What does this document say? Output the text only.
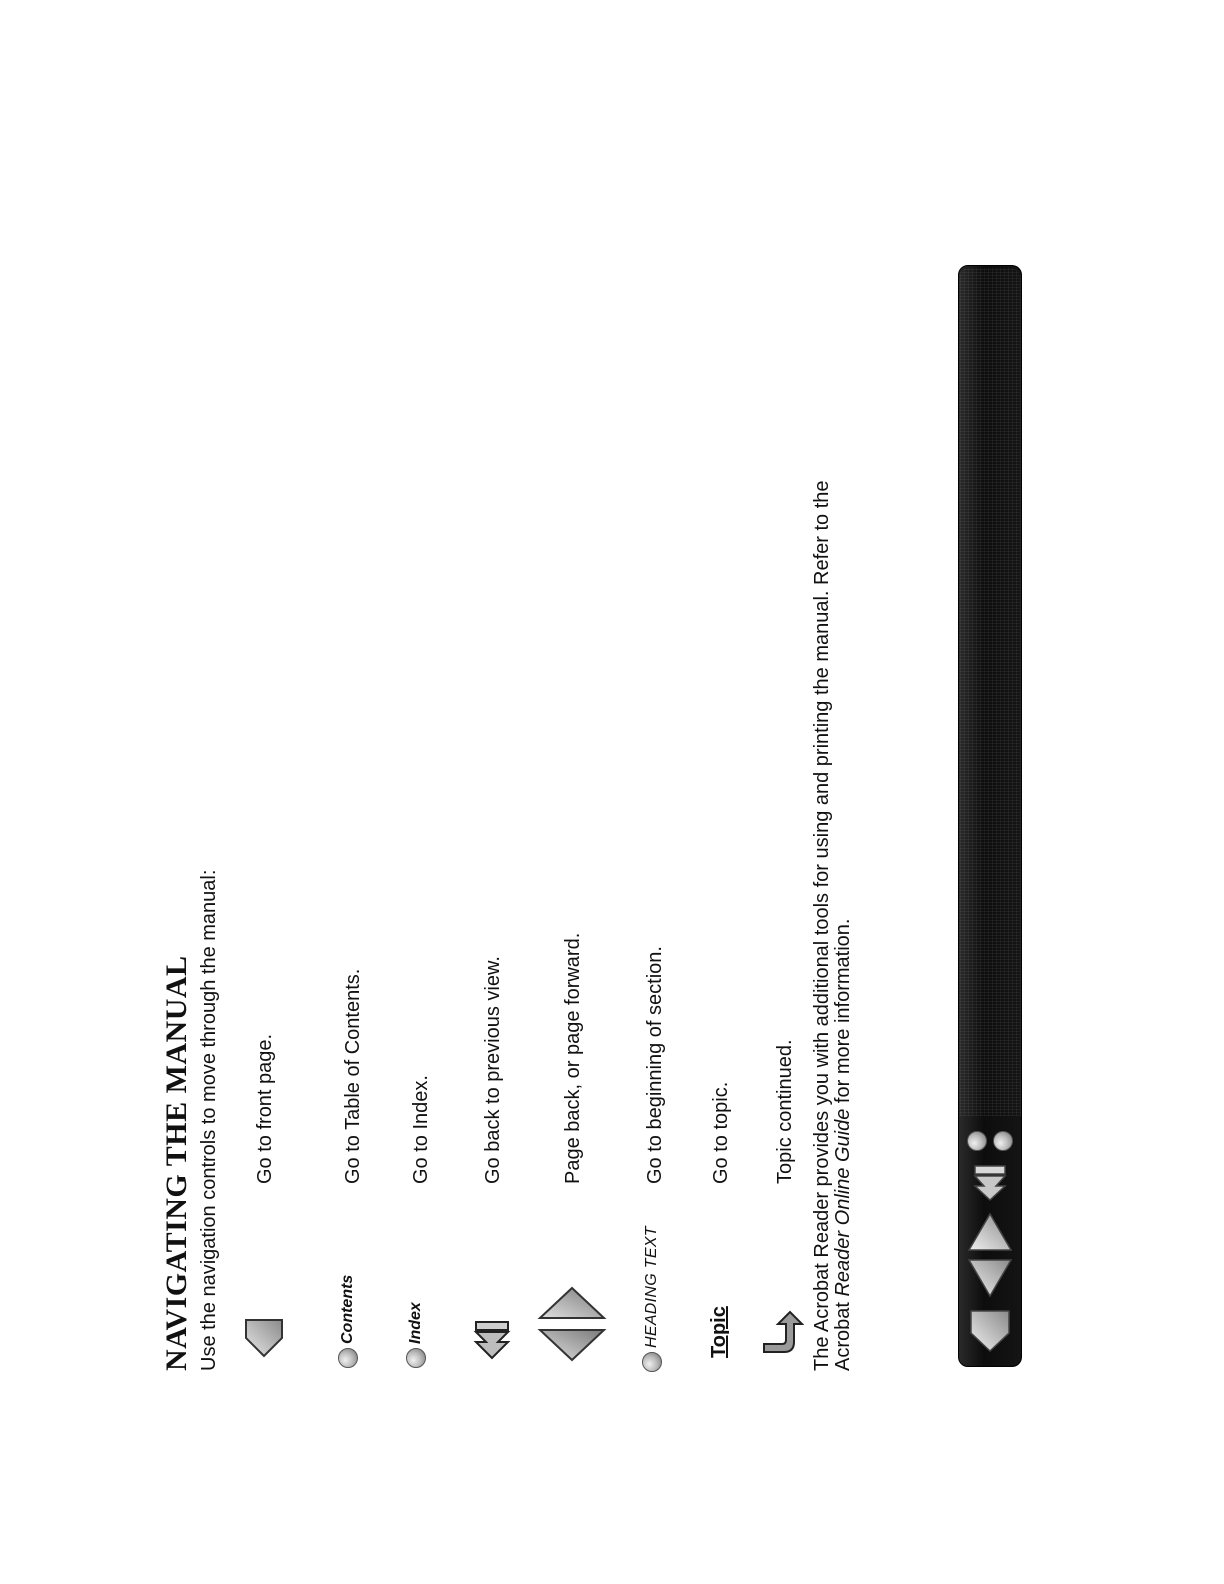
NAVIGATING THE MANUAL Use the navigation controls to move through the manual: Go to front page.
Contents
Go to Table of Contents.
Index
Go to Index.	Go back to previous view.	Page back, or page forward.
HEADING TEXT
Go to beginning of section.
Topic
Go to topic. Topic continued. The Acrobat Reader provides you with additional tools for using and printing the manual. Refer to the Acrobat Reader Online Guide for more information.
